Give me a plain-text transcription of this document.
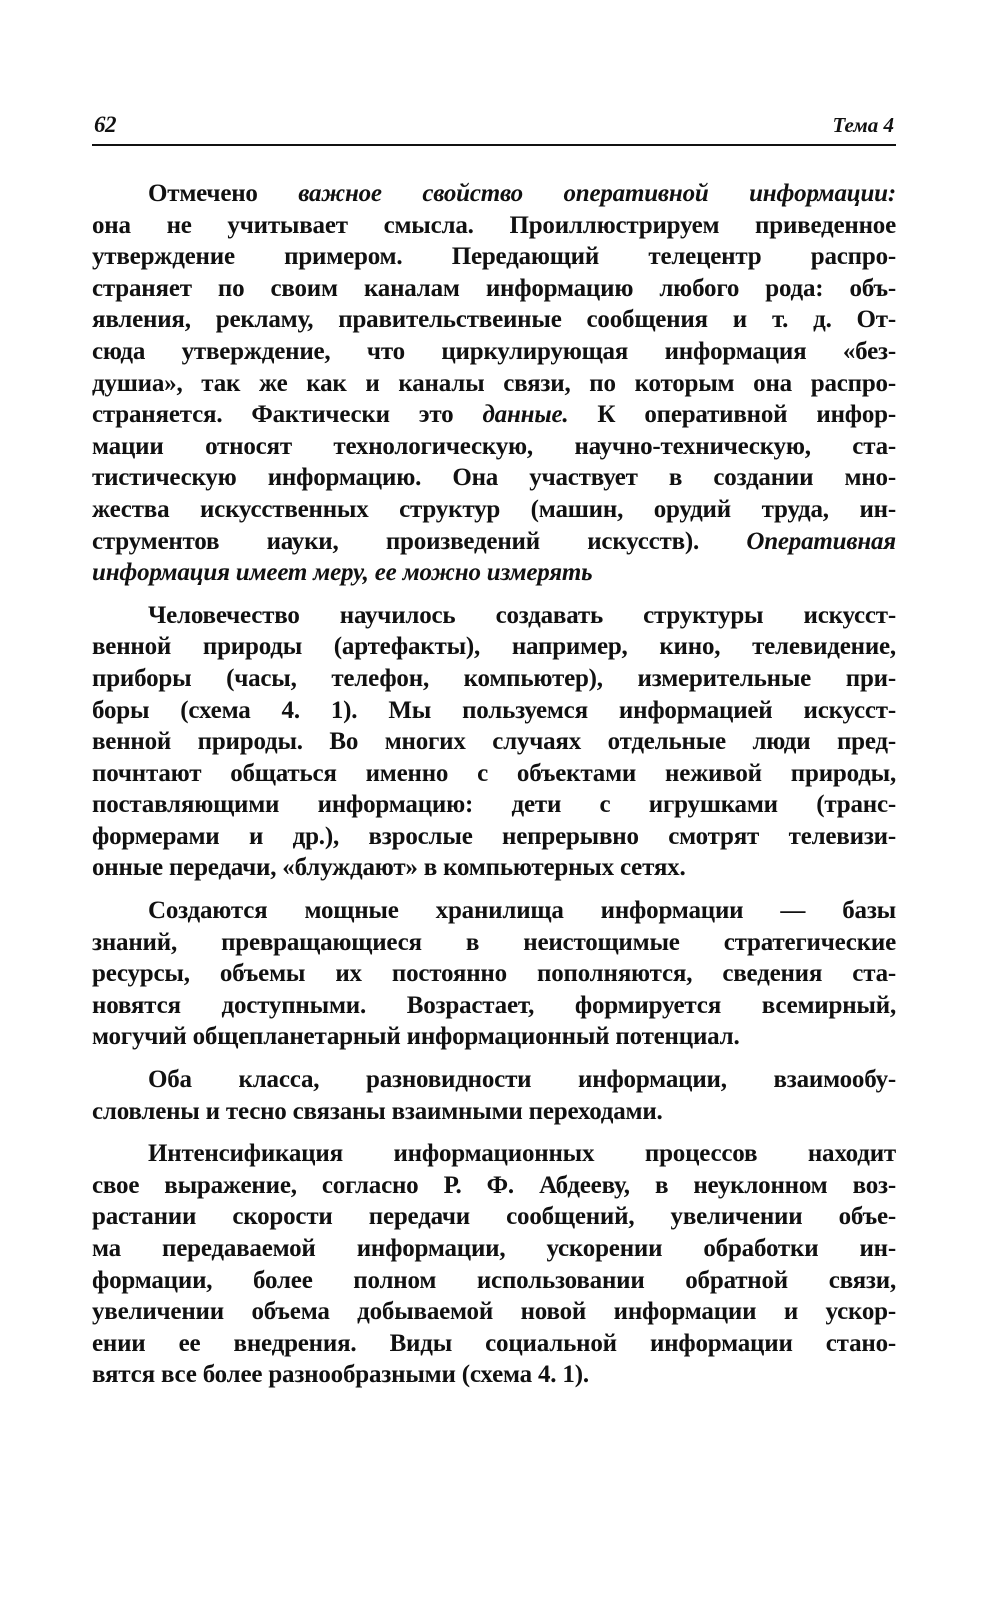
62	Тема 4
Отмечено важное свойство оперативной информации:
она не учитывает смысла. Проиллюстрируем приведенное
утверждение примером. Передающий телецентр распро-
страняет по своим каналам информацию любого рода: объ-
явления, рекламу, правительствеиные сообщения и т. д. От-
сюда утверждение, что циркулирующая информация «без-
душиа», так же как и каналы связи, по которым она распро-
страняется. Фактически это данные. К оперативной инфор-
мации относят технологическую, научно-техническую, ста-
тистическую информацию. Она участвует в создании мно-
жества искусственных структур (машин, орудий труда, ин-
струментов иауки, произведений искусств). Оперативная
информация имеет меру, ее можно измерять
Человечество научилось создавать структуры искусст-
венной природы (артефакты), например, кино, телевидение,
приборы (часы, телефон, компьютер), измерительные при-
боры (схема 4. 1). Мы пользуемся информацией искусст-
венной природы. Во многих случаях отдельные люди пред-
почнтают общаться именно с объектами неживой природы,
поставляющими информацию: дети с игрушками (транс-
формерами и др.), взрослые непрерывно смотрят телевизи-
онные передачи, «блуждают» в компьютерных сетях.
Создаются мощные хранилища информации — базы
знаний, превращающиеся в неистощимые стратегические
ресурсы, объемы их постоянно пополняются, сведения ста-
новятся доступными. Возрастает, формируется всемирный,
могучий общепланетарный информационный потенциал.
Оба класса, разновидности информации, взаимообу-
словлены и тесно связаны взаимными переходами.
Интенсификация информационных процессов находит
свое выражение, согласно Р. Ф. Абдееву, в неуклонном воз-
растании скорости передачи сообщений, увеличении объе-
ма передаваемой информации, ускорении обработки ин-
формации, более полном использовании обратной связи,
увеличении объема добываемой новой информации и ускор-
ении ее внедрения. Виды социальной информации стано-
вятся все более разнообразными (схема 4. 1).
